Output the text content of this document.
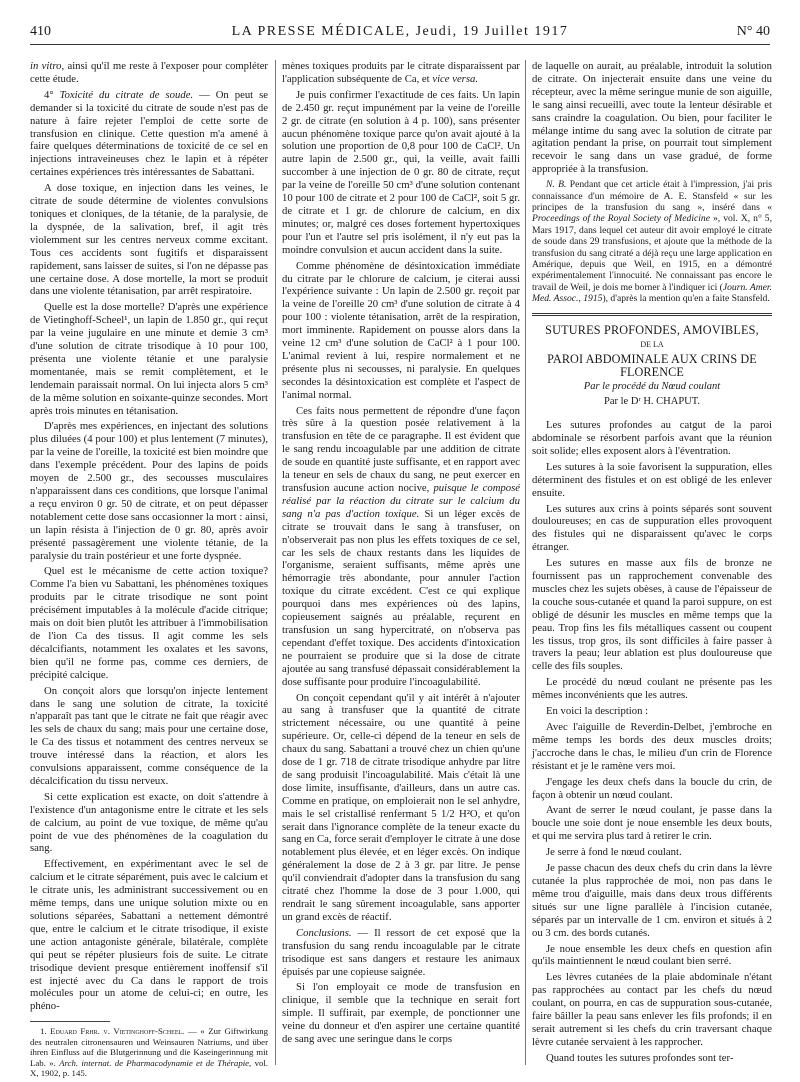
410	LA PRESSE MÉDICALE, Jeudi, 19 Juillet 1917	N° 40

in vitro, ainsi qu'il me reste à l'exposer pour compléter cette étude.

4° Toxicité du citrate de soude. — On peut se demander si la toxicité du citrate de soude n'est pas de nature à faire rejeter l'emploi de cette sorte de transfusion en clinique. Cette question m'a amené à faire quelques déterminations de toxicité de ce sel en injections intraveineuses chez le lapin et à répéter certaines expériences très intéressantes de Sabattani.

A dose toxique, en injection dans les veines, le citrate de soude détermine de violentes convulsions toniques et cloniques, de la tétanie, de la paralysie, de la dyspnée, de la salivation, bref, il agit très violemment sur les centres nerveux comme excitant. Tous ces accidents sont fugitifs et disparaissent rapidement, sans laisser de suites, si l'on ne dépasse pas une certaine dose. A dose mortelle, la mort se produit dans une violente tétanisation, par arrêt respiratoire.

Quelle est la dose mortelle? D'après une expérience de Vietinghoff-Scheel¹, un lapin de 1.850 gr., qui reçut par la veine jugulaire en une minute et demie 3 cm³ d'une solution de citrate trisodique à 10 pour 100, présenta une violente tétanie et une paralysie momentanée, mais se remit complètement, et le lendemain paraissait normal. On lui injecta alors 5 cm³ de la même solution en soixante-quinze secondes. Mort après trois minutes en tétanisation.

D'après mes expériences, en injectant des solutions plus diluées (4 pour 100) et plus lentement (7 minutes), par la veine de l'oreille, la toxicité est bien moindre que dans l'exemple précédent. Pour des lapins de poids moyen de 2.500 gr., des secousses musculaires n'apparaissent dans ces conditions, que lorsque l'animal a reçu environ 0 gr. 50 de citrate, et on peut dépasser notablement cette dose sans occasionner la mort : ainsi, un lapin résista à l'injection de 0 gr. 80, après avoir présenté passagèrement une violente tétanie, de la paralysie du train postérieur et une forte dyspnée.

Quel est le mécanisme de cette action toxique? Comme l'a bien vu Sabattani, les phénomènes toxiques produits par le citrate trisodique ne sont point précisément imputables à la molécule d'acide citrique; mais on doit bien plutôt les attribuer à l'immobilisation de l'ion Ca des tissus. Il agit comme les sels décalcifiants, notamment les oxalates et les savons, bien qu'il ne forme pas, comme ces derniers, de précipité calcique.

On conçoit alors que lorsqu'on injecte lentement dans le sang une solution de citrate, la toxicité n'apparaît pas tant que le citrate ne fait que réagir avec les sels de chaux du sang; mais pour une certaine dose, le Ca des tissus et notamment des centres nerveux se trouve intéressé dans la réaction, et alors les convulsions apparaissent, comme conséquence de la décalcification du tissu nerveux.

Si cette explication est exacte, on doit s'attendre à l'existence d'un antagonisme entre le citrate et les sels de calcium, au point de vue toxique, de même qu'au point de vue des phénomènes de la coagulation du sang.

Effectivement, en expérimentant avec le sel de calcium et le citrate séparément, puis avec le calcium et le citrate unis, les administrant successivement ou en même temps, dans une unique solution mixte ou en solutions séparées, Sabattani a nettement démontré que, entre le calcium et le citrate trisodique, il existe une action antagoniste générale, bilatérale, complète qui peut se répéter plusieurs fois de suite. Le citrate trisodique devient presque entièrement inoffensif s'il est injecté avec du Ca dans le rapport de trois molécules pour un atome de celui-ci; en outre, les phéno-

1. Eduard Frhr. v. Vietinghoff-Scheel. — « Zur Giftwirkung des neutralen citronensauren und Weinsauren Natriums, und über ihren Einfluss auf die Blutgerinnung und die Kaseingerinnung mit Lab. ». Arch. internat. de Pharmacodynamie et de Thérapie, vol. X, 1902, p. 145.

mènes toxiques produits par le citrate disparaissent par l'application subséquente de Ca, et vice versa.

Je puis confirmer l'exactitude de ces faits. Un lapin de 2.450 gr. reçut impunément par la veine de l'oreille 2 gr. de citrate (en solution à 4 p. 100), sans présenter aucun phénomène toxique parce qu'on avait ajouté à la solution une proportion de 0,8 pour 100 de CaCl². Un autre lapin de 2.500 gr., qui, la veille, avait failli succomber à une injection de 0 gr. 80 de citrate, reçut par la veine de l'oreille 50 cm³ d'une solution contenant 10 pour 100 de citrate et 2 pour 100 de CaCl², soit 5 gr. de citrate et 1 gr. de chlorure de calcium, en dix minutes; or, malgré ces doses fortement hypertoxiques pour l'un et l'autre sel pris isolément, il n'y eut pas la moindre convulsion et aucun accident dans la suite.

Comme phénomène de désintoxication immédiate du citrate par le chlorure de calcium, je citerai aussi l'expérience suivante : Un lapin de 2.500 gr. reçoit par la veine de l'oreille 20 cm³ d'une solution de citrate à 4 pour 100 : violente tétanisation, arrêt de la respiration, mort imminente. Rapidement on pousse alors dans la veine 12 cm³ d'une solution de CaCl² à 1 pour 100. L'animal revient à lui, respire normalement et ne présente plus ni secousses, ni paralysie. En quelques secondes la désintoxication est complète et l'aspect de l'animal normal.

Ces faits nous permettent de répondre d'une façon très sûre à la question posée relativement à la transfusion en tête de ce paragraphe. Il est évident que le sang rendu incoagulable par une addition de citrate de soude en quantité juste suffisante, et en rapport avec la teneur en sels de chaux du sang, ne peut exercer en transfusion aucune action nocive, puisque le composé réalisé par la réaction du citrate sur le calcium du sang n'a pas d'action toxique. Si un léger excès de citrate se trouvait dans le sang à transfuser, on n'observerait pas non plus les effets toxiques de ce sel, car les sels de chaux restants dans les liquides de l'organisme, seraient suffisants, même après une hémorragie très abondante, pour annuler l'action toxique du citrate excédent. C'est ce qui explique pourquoi dans mes expériences où des lapins, copieusement saignés au préalable, reçurent en transfusion un sang hypercitraté, on n'observa pas cependant d'effet toxique. Des accidents d'intoxication ne pourraient se produire que si la dose de citrate ajoutée au sang transfusé dépassait considérablement la dose suffisante pour produire l'incoagulabilité.

On conçoit cependant qu'il y ait intérêt à n'ajouter au sang à transfuser que la quantité de citrate strictement nécessaire, ou une quantité à peine supérieure. Or, celle-ci dépend de la teneur en sels de chaux du sang. Sabattani a trouvé chez un chien qu'une dose de 1 gr. 718 de citrate trisodique anhydre par litre de sang produisit l'incoagulabilité. Mais c'était là une dose limite, insuffisante, d'ailleurs, dans un autre cas. Comme en pratique, on emploierait non le sel anhydre, mais le sel cristallisé renfermant 5 1/2 H²O, et qu'on serait dans l'ignorance complète de la teneur exacte du sang en Ca, force serait d'employer le citrate à une dose notablement plus élevée, et en léger excès. On indique généralement la dose de 2 à 3 gr. par litre. Je pense qu'il conviendrait d'adopter dans la transfusion du sang citraté chez l'homme la dose de 3 pour 1.000, qui rendrait le sang sûrement incoagulable, sans apporter un grand excès de réactif.

Conclusions. — Il ressort de cet exposé que la transfusion du sang rendu incoagulable par le citrate trisodique est sans dangers et restaure les animaux épuisés par une copieuse saignée.

Si l'on employait ce mode de transfusion en clinique, il semble que la technique en serait fort simple. Il suffirait, par exemple, de ponctionner une veine du donneur et d'en aspirer une certaine quantité de sang avec une seringue dans le corps

de laquelle on aurait, au préalable, introduit la solution de citrate. On injecterait ensuite dans une veine du récepteur, avec la même seringue munie de son aiguille, le sang ainsi recueilli, avec toute la lenteur désirable et sans craindre la coagulation. Ou bien, pour faciliter le mélange intime du sang avec la solution de citrate par agitation pendant la prise, on pourrait tout simplement recevoir le sang dans un vase gradué, de forme appropriée à la transfusion.

N. B. Pendant que cet article était à l'impression, j'ai pris connaissance d'un mémoire de A. E. Stansfeld « sur les principes de la transfusion du sang », inséré dans « Proceedings of the Royal Society of Medicine », vol. X, n° 5, Mars 1917, dans lequel cet auteur dit avoir employé le citrate de soude dans 29 transfusions, et ajoute que la méthode de la transfusion du sang citraté a déjà reçu une large application en Amérique, depuis que Weil, en 1915, en a démontré expérimentalement l'innocuité. Ne connaissant pas encore le travail de Weil, je dois me borner à l'indiquer ici (Journ. Amer. Med. Assoc., 1915), d'après la mention qu'en a faite Stansfeld.

SUTURES PROFONDES, AMOVIBLES,
DE LA
PAROI ABDOMINALE AUX CRINS DE FLORENCE
Par le procédé du Nœud coulant
Par le Dʳ H. CHAPUT.

Les sutures profondes au catgut de la paroi abdominale se résorbent parfois avant que la réunion soit solide; elles exposent alors à l'éventration.

Les sutures à la soie favorisent la suppuration, elles déterminent des fistules et on est obligé de les enlever ensuite.

Les sutures aux crins à points séparés sont souvent douloureuses; en cas de suppuration elles provoquent des fistules qui ne disparaissent qu'avec le corps étranger.

Les sutures en masse aux fils de bronze ne fournissent pas un rapprochement convenable des muscles chez les sujets obèses, à cause de l'épaisseur de la couche sous-cutanée et quand la paroi suppure, on est obligé de désunir les muscles en même temps que la peau. Trop fins les fils métalliques cassent ou coupent les tissus, trop gros, ils sont difficiles à faire passer à travers la peau; leur ablation est plus douloureuse que celle des fils souples.

Le procédé du nœud coulant ne présente pas les mêmes inconvénients que les autres.

En voici la description :

Avec l'aiguille de Reverdin-Delbet, j'embroche en même temps les bords des deux muscles droits; j'accroche dans le chas, le milieu d'un crin de Florence résistant et je le ramène vers moi.

J'engage les deux chefs dans la boucle du crin, de façon à obtenir un nœud coulant.

Avant de serrer le nœud coulant, je passe dans la boucle une soie dont je noue ensemble les deux bouts, et qui me servira plus tard à retirer le crin.

Je serre à fond le nœud coulant.

Je passe chacun des deux chefs du crin dans la lèvre cutanée la plus rapprochée de moi, non pas dans le même trou d'aiguille, mais dans deux trous différents situés sur une ligne parallèle à l'incision cutanée, séparés par un intervalle de 1 cm. environ et situés à 2 ou 3 cm. des bords cutanés.

Je noue ensemble les deux chefs en question afin qu'ils maintiennent le nœud coulant bien serré.

Les lèvres cutanées de la plaie abdominale n'étant pas rapprochées au contact par les chefs du nœud coulant, on pourra, en cas de suppuration sous-cutanée, faire bâiller la peau sans enlever les fils profonds; il en serait autrement si les chefs du crin traversant chaque lèvre cutanée servaient à les rapprocher.

Quand toutes les sutures profondes sont ter-
